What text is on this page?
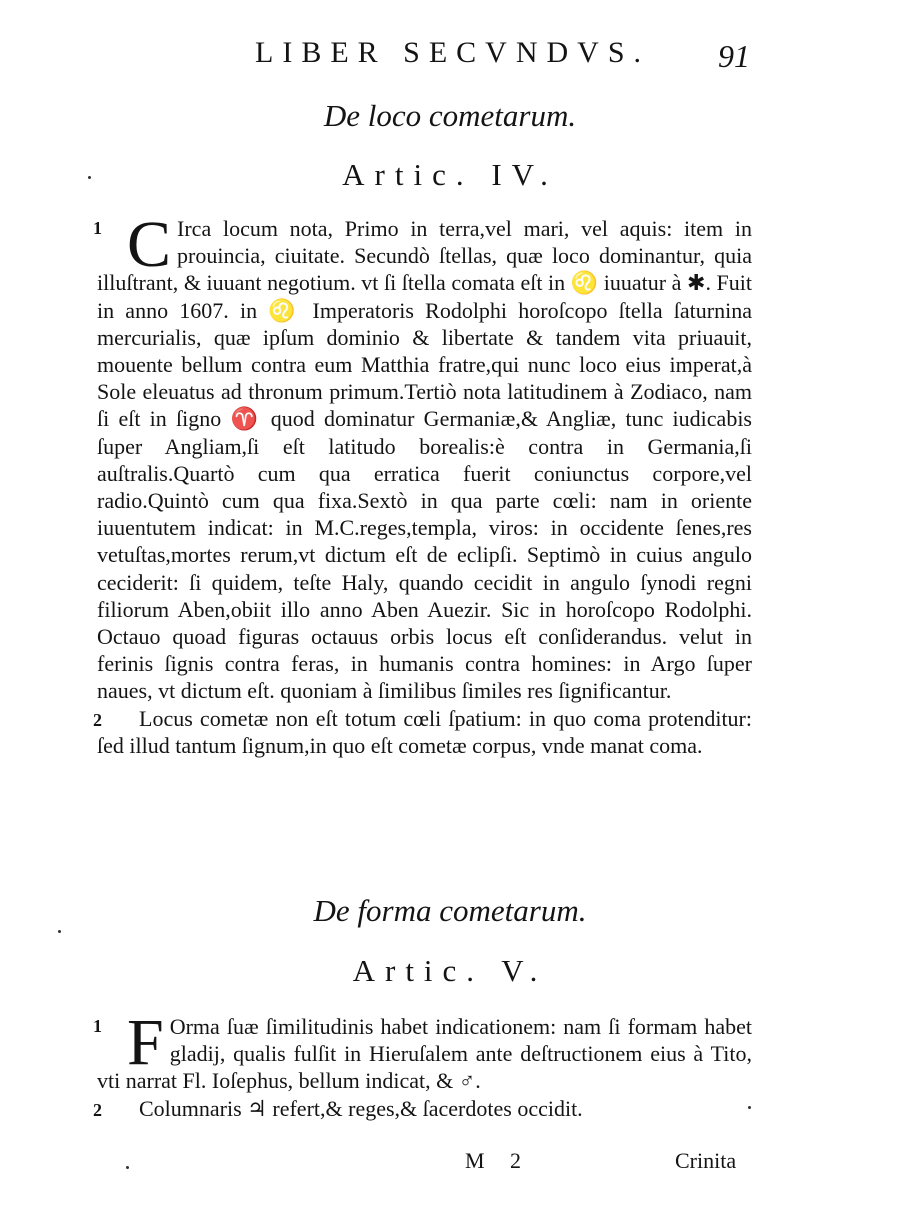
LIBER SECVNDVS. 91
De loco cometarum.
Artic. IV.
1 C Irca locum nota, Primo in terra,vel mari, vel aquis: item in prouincia, ciuitate. Secundò ſtellas, quæ loco dominantur, quia illuſtrant, & iuuant negotium. vt ſi ſtella comata eſt in ♌ iuuatur à ✱. Fuit in anno 1607. in ♌ Imperatoris Rodolphi horoſcopo ſtella ſaturnina mercurialis, quæ ipſum dominio & libertate & tandem vita priuauit, mouente bellum contra eum Matthia fratre,qui nunc loco eius imperat,à Sole eleuatus ad thronum primum.Tertiò nota latitudinem à Zodiaco, nam ſi eſt in ſigno ♈ quod dominatur Germaniæ,& Angliæ, tunc iudicabis ſuper Angliam,ſi eſt latitudo borealis:è contra in Germania,ſi auſtralis.Quartò cum qua erratica fuerit coniunctus corpore,vel radio.Quintò cum qua fixa.Sextò in qua parte cœli: nam in oriente iuuentutem indicat: in M.C.reges,templa, viros: in occidente ſenes,res vetuſtas,mortes rerum,vt dictum eſt de eclipſi. Septimò in cuius angulo ceciderit: ſi quidem, teſte Haly, quando cecidit in angulo ſynodi regni filiorum Aben,obiit illo anno Aben Auezir. Sic in horoſcopo Rodolphi. Octauo quoad figuras octauus orbis locus eſt conſiderandus. velut in ferinis ſignis contra feras, in humanis contra homines: in Argo ſuper naues, vt dictum eſt. quoniam à ſimilibus ſimiles res ſignificantur.

2	Locus cometæ non eſt totum cœli ſpatium: in quo coma protenditur: ſed illud tantum ſignum,in quo eſt cometæ corpus, vnde manat coma.

De forma cometarum.
Artic. V.
1 F Orma ſuæ ſimilitudinis habet indicationem: nam ſi formam habet gladij, qualis fulſit in Hieruſalem ante deſtructionem eius à Tito, vti narrat Fl. Ioſephus, bellum indicat, & ♂.

2	Columnaris ♃ refert,& reges,& ſacerdotes occidit.

M 2	Crinita
